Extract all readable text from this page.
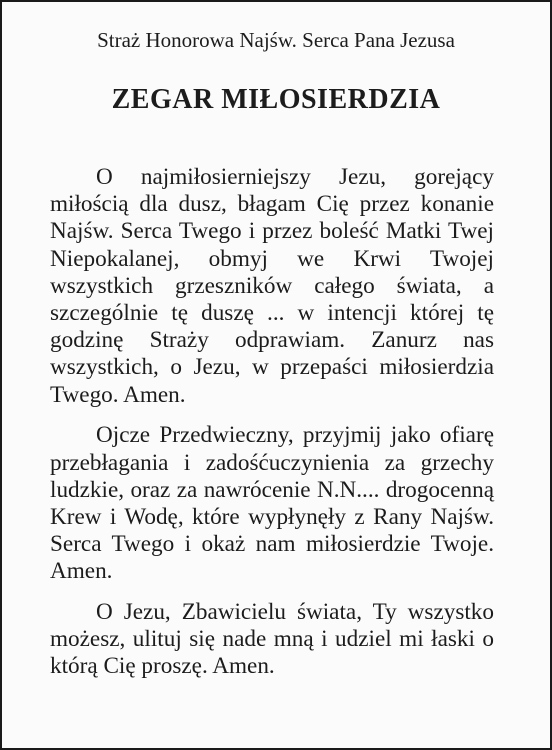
Straż Honorowa Najśw. Serca Pana Jezusa
ZEGAR MIŁOSIERDZIA

O najmiłosierniejszy Jezu, gorejący miłością dla dusz, błagam Cię przez konanie Najśw. Serca Twego i przez boleść Matki Twej Niepokalanej, obmyj we Krwi Twojej wszystkich grzeszników całego świata, a szczególnie tę duszę ... w intencji której tę godzinę Straży odprawiam. Zanurz nas wszystkich, o Jezu, w przepaści miłosierdzia Twego. Amen.

Ojcze Przedwieczny, przyjmij jako ofiarę przebłagania i zadośćuczynienia za grzechy ludzkie, oraz za nawrócenie N.N.... drogocenną Krew i Wodę, które wypłynęły z Rany Najśw. Serca Twego i okaż nam miłosierdzie Twoje. Amen.

O Jezu, Zbawicielu świata, Ty wszystko możesz, ulituj się nade mną i udziel mi łaski o którą Cię proszę. Amen.
